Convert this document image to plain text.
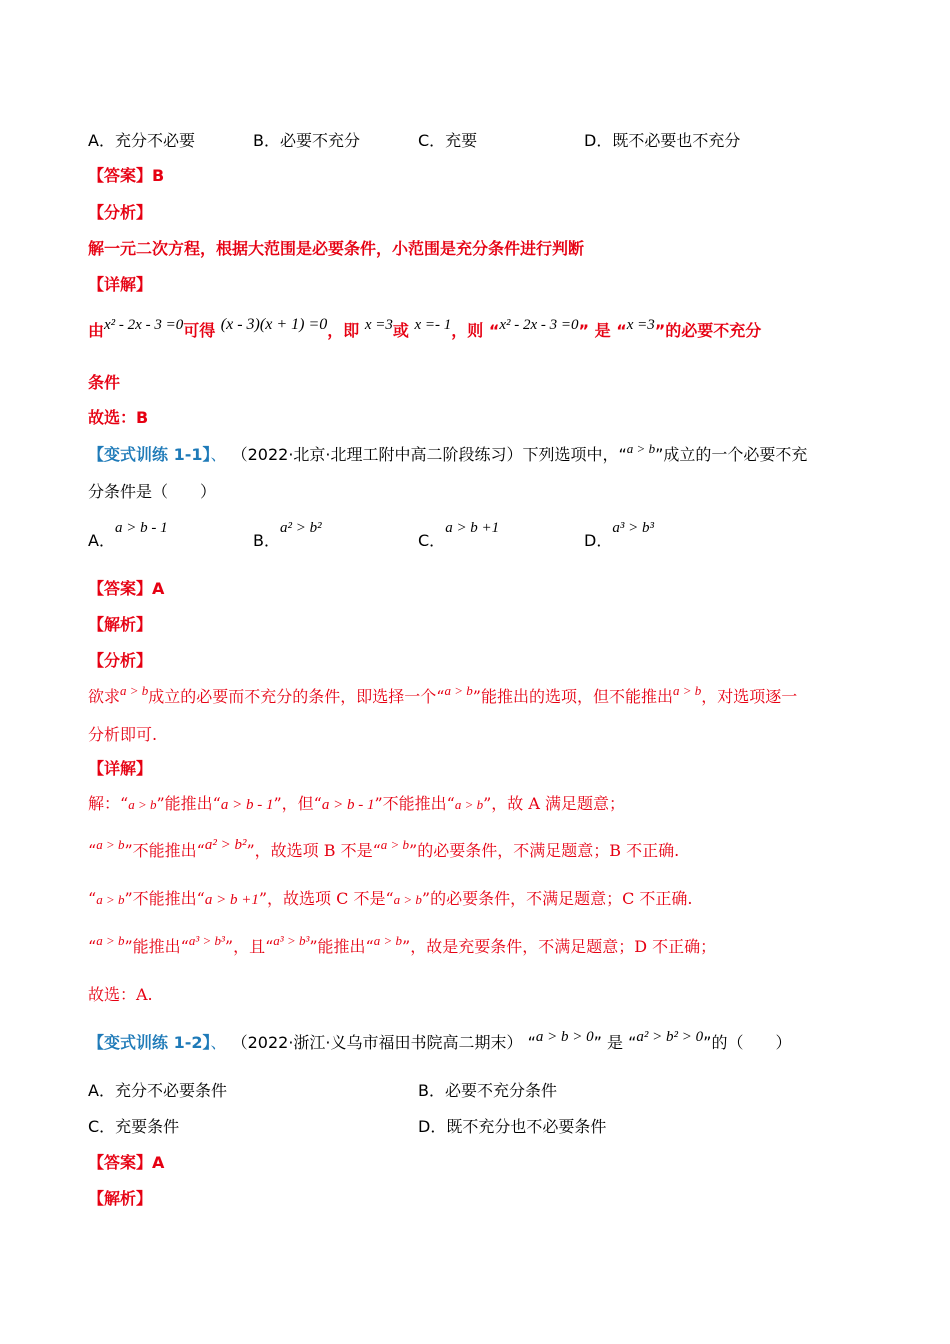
A．充分不必要	B．必要不充分	C．充要	D．既不必要也不充分
【答案】B
【分析】
解一元二次方程，根据大范围是必要条件，小范围是充分条件进行判断
【详解】
由x² - 2x - 3 =0可得 (x - 3)(x + 1) =0，即 x =3或 x =- 1，则 “x² - 2x - 3 =0” 是 “x =3”的必要不充分
条件
故选：B
【变式训练 1-1】、 （2022·北京·北理工附中高二阶段练习）下列选项中，“$^{a > b}$”成立的一个必要不充
分条件是（　　）
A．a > b - 1
B．a² > b²
C．a > b +1
D．a³ > b³
【答案】A
【解析】
【分析】
欲求$^{a > b}$成立的必要而不充分的条件，即选择一个“$^{a > b}$”能推出的选项，但不能推出$^{a > b}$，对选项逐一
分析即可.
【详解】
解：“a > b”能推出“a > b - 1”，但“a > b - 1”不能推出“a > b”，故 A 满足题意；
“$^{a > b}$”不能推出“a² > b²”，故选项 B 不是“$^{a > b}$”的必要条件，不满足题意；B 不正确.
“a > b”不能推出“a > b +1”，故选项 C 不是“a > b”的必要条件，不满足题意；C 不正确.
“$^{a > b}$”能推出“$^{a^3 > b^3}$”，且“$^{a^3 > b^3}$”能推出“$^{a > b}$”，故是充要条件，不满足题意；D 不正确；
故选：A.
【变式训练 1-2】、 （2022·浙江·义乌市福田书院高二期末） “a > b > 0” 是 “a² > b² > 0”的（　　）
A．充分不必要条件	B．必要不充分条件
C．充要条件	D．既不充分也不必要条件
【答案】A
【解析】
